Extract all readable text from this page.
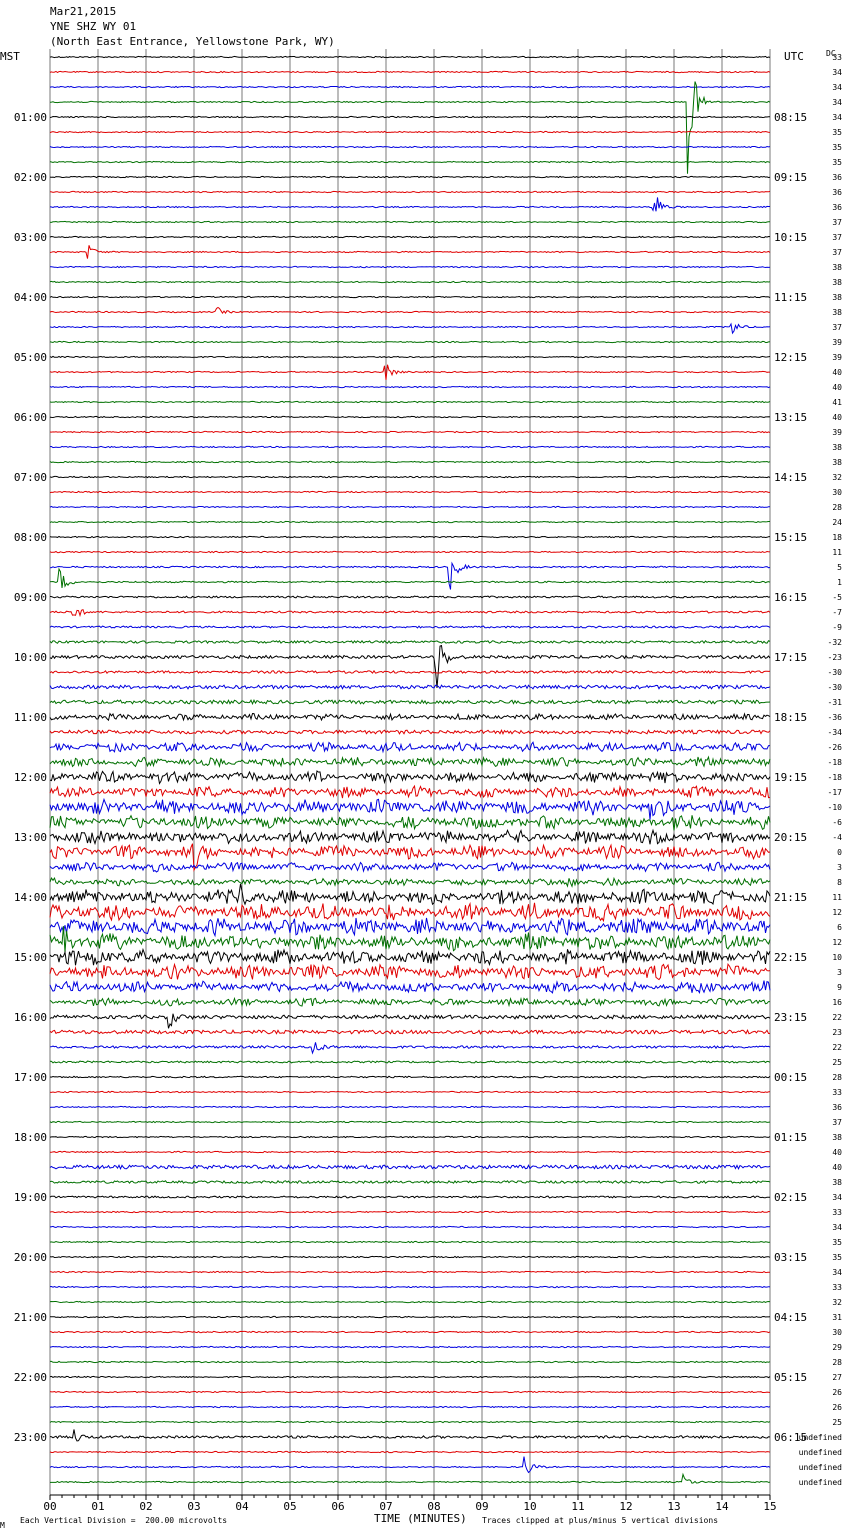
Mar21,2015
YNE SHZ WY 01
(North East Entrance, Yellowstone Park, WY)
33
34
34
34
34
35
35
35
36
36
36
37
37
37
38
38
38
38
37
39
39
40
40
41
40
39
38
38
32
30
28
24
18
11
5
1
-5
-7
-9
-32
-23
-30
-30
-31
-36
-34
-26
-18
-18
-17
-10
-6
-4
0
3
8
11
12
6
12
10
3
9
16
22
23
22
25
28
33
36
37
38
40
40
38
34
33
34
35
35
34
33
32
31
30
29
28
27
26
26
25
undefined
undefined
undefined
undefined
01:00
02:00
03:00
04:00
05:00
06:00
07:00
08:00
09:00
10:00
11:00
12:00
13:00
14:00
15:00
16:00
17:00
18:00
19:00
20:00
21:00
22:00
23:00
08:15
09:15
10:15
11:15
12:15
13:15
14:15
15:15
16:15
17:15
18:15
19:15
20:15
21:15
22:15
23:15
00:15
01:15
02:15
03:15
04:15
05:15
06:15
MST	UTC	DC
00	01	02	03	04	05	06	07	08	09	10	11	12	13	14	15
TIME (MINUTES)
M
Each Vertical Division =  200.00 microvolts	Traces clipped at plus/minus 5 vertical divisions
